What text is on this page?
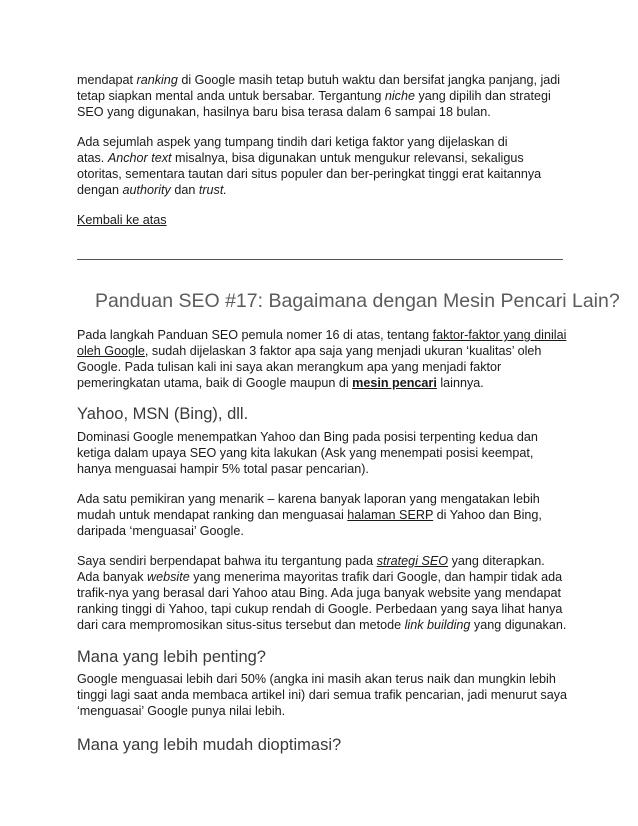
mendapat ranking di Google masih tetap butuh waktu dan bersifat jangka panjang, jadi
tetap siapkan mental anda untuk bersabar. Tergantung niche yang dipilih dan strategi
SEO yang digunakan, hasilnya baru bisa terasa dalam 6 sampai 18 bulan.

Ada sejumlah aspek yang tumpang tindih dari ketiga faktor yang dijelaskan di
atas. Anchor text misalnya, bisa digunakan untuk mengukur relevansi, sekaligus
otoritas, sementara tautan dari situs populer dan ber-peringkat tinggi erat kaitannya
dengan authority dan trust.

Kembali ke atas

Panduan SEO #17: Bagaimana dengan Mesin Pencari Lain?

Pada langkah Panduan SEO pemula nomer 16 di atas, tentang faktor-faktor yang dinilai
oleh Google, sudah dijelaskan 3 faktor apa saja yang menjadi ukuran ‘kualitas’ oleh
Google. Pada tulisan kali ini saya akan merangkum apa yang menjadi faktor
pemeringkatan utama, baik di Google maupun di mesin pencari lainnya.

Yahoo, MSN (Bing), dll.

Dominasi Google menempatkan Yahoo dan Bing pada posisi terpenting kedua dan
ketiga dalam upaya SEO yang kita lakukan (Ask yang menempati posisi keempat,
hanya menguasai hampir 5% total pasar pencarian).

Ada satu pemikiran yang menarik – karena banyak laporan yang mengatakan lebih
mudah untuk mendapat ranking dan menguasai halaman SERP di Yahoo dan Bing,
daripada ‘menguasai’ Google.

Saya sendiri berpendapat bahwa itu tergantung pada strategi SEO yang diterapkan.
Ada banyak website yang menerima mayoritas trafik dari Google, dan hampir tidak ada
trafik-nya yang berasal dari Yahoo atau Bing. Ada juga banyak website yang mendapat
ranking tinggi di Yahoo, tapi cukup rendah di Google. Perbedaan yang saya lihat hanya
dari cara mempromosikan situs-situs tersebut dan metode link building yang digunakan.

Mana yang lebih penting?

Google menguasai lebih dari 50% (angka ini masih akan terus naik dan mungkin lebih
tinggi lagi saat anda membaca artikel ini) dari semua trafik pencarian, jadi menurut saya
‘menguasai’ Google punya nilai lebih.

Mana yang lebih mudah dioptimasi?
